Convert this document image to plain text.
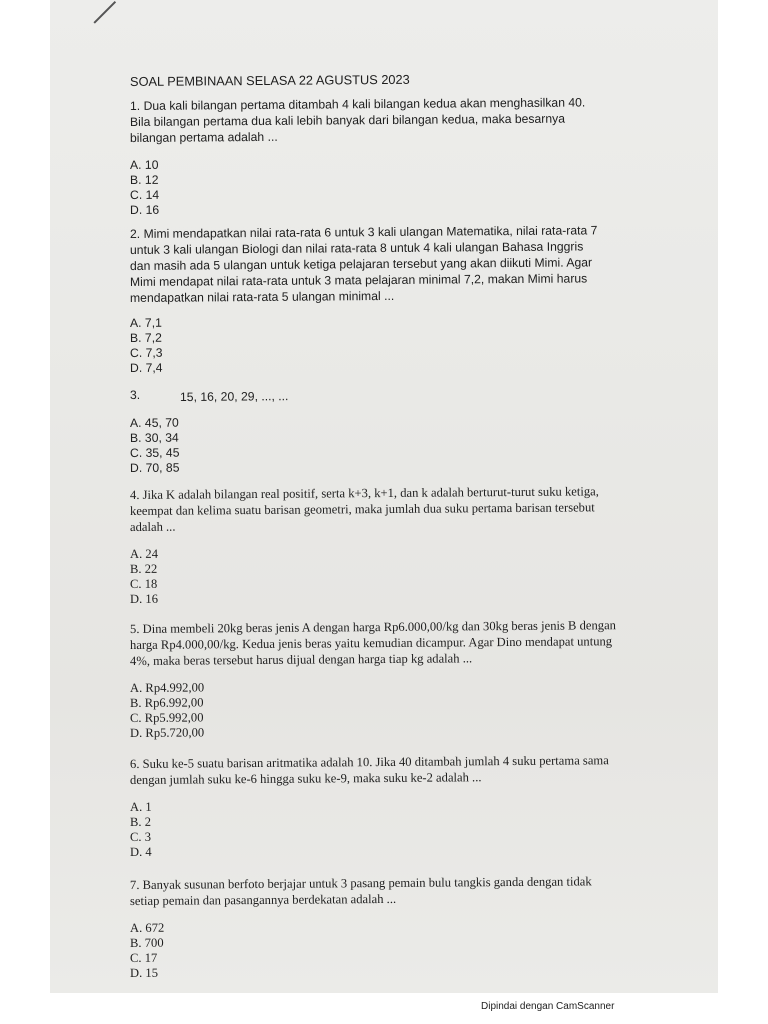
SOAL PEMBINAAN SELASA 22 AGUSTUS 2023
1. Dua kali bilangan pertama ditambah 4 kali bilangan kedua akan menghasilkan 40.
Bila bilangan pertama dua kali lebih banyak dari bilangan kedua, maka besarnya
bilangan pertama adalah ...
A. 10
B. 12
C. 14
D. 16
2. Mimi mendapatkan nilai rata-rata 6 untuk 3 kali ulangan Matematika, nilai rata-rata 7
untuk 3 kali ulangan Biologi dan nilai rata-rata 8 untuk 4 kali ulangan Bahasa Inggris
dan masih ada 5 ulangan untuk ketiga pelajaran tersebut yang akan diikuti Mimi. Agar
Mimi mendapat nilai rata-rata untuk 3 mata pelajaran minimal 7,2, makan Mimi harus
mendapatkan nilai rata-rata 5 ulangan minimal ...
A. 7,1
B. 7,2
C. 7,3
D. 7,4
3.	15, 16, 20, 29, ..., ...
A. 45, 70
B. 30, 34
C. 35, 45
D. 70, 85
4. Jika K adalah bilangan real positif, serta k+3, k+1, dan k adalah berturut-turut suku ketiga,
keempat dan kelima suatu barisan geometri, maka jumlah dua suku pertama barisan tersebut
adalah ...
A. 24
B. 22
C. 18
D. 16
5. Dina membeli 20kg beras jenis A dengan harga Rp6.000,00/kg dan 30kg beras jenis B dengan
harga Rp4.000,00/kg. Kedua jenis beras yaitu kemudian dicampur. Agar Dino mendapat untung
4%, maka beras tersebut harus dijual dengan harga tiap kg adalah ...
A. Rp4.992,00
B. Rp6.992,00
C. Rp5.992,00
D. Rp5.720,00
6. Suku ke-5 suatu barisan aritmatika adalah 10. Jika 40 ditambah jumlah 4 suku pertama sama
dengan jumlah suku ke-6 hingga suku ke-9, maka suku ke-2 adalah ...
A. 1
B. 2
C. 3
D. 4
7. Banyak susunan berfoto berjajar untuk 3 pasang pemain bulu tangkis ganda dengan tidak
setiap pemain dan pasangannya berdekatan adalah ...
A. 672
B. 700
C. 17
D. 15
Dipindai dengan CamScanner
